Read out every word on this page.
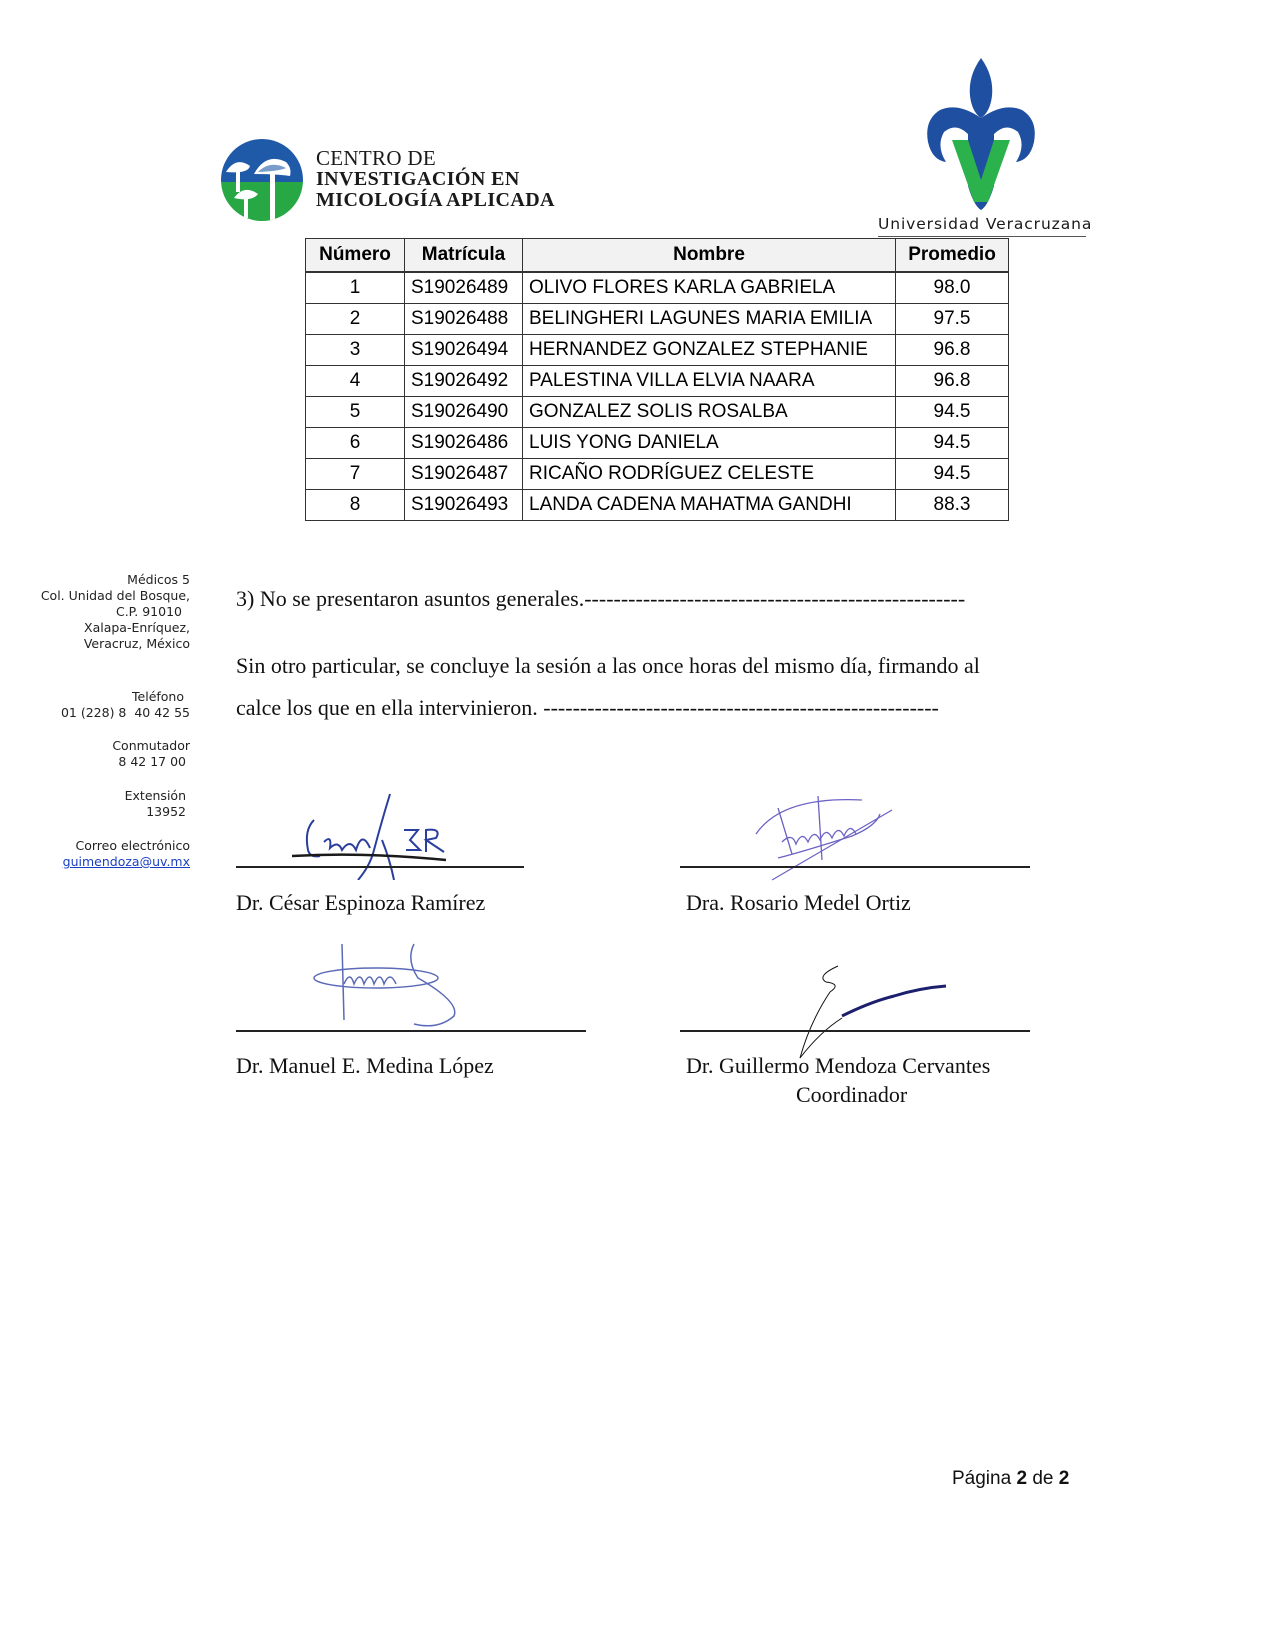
CENTRO DE
INVESTIGACIÓN EN
MICOLOGÍA APLICADA
Universidad Veracruzana
Número	Matrícula	Nombre	Promedio
1	S19026489	OLIVO FLORES KARLA GABRIELA	98.0
2	S19026488	BELINGHERI LAGUNES MARIA EMILIA	97.5
3	S19026494	HERNANDEZ GONZALEZ STEPHANIE	96.8
4	S19026492	PALESTINA VILLA ELVIA NAARA	96.8
5	S19026490	GONZALEZ SOLIS ROSALBA	94.5
6	S19026486	LUIS YONG DANIELA	94.5
7	S19026487	RICAÑO RODRÍGUEZ CELESTE	94.5
8	S19026493	LANDA CADENA MAHATMA GANDHI	88.3
Médicos 5
Col. Unidad del Bosque,
C.P. 91010
Xalapa-Enríquez,
Veracruz, México
Teléfono
01 (228) 8  40 42 55
Conmutador
8 42 17 00
Extensión
13952
Correo electrónico
guimendoza@uv.mx
3) No se presentaron asuntos generales.----------------------------------------------------
Sin otro particular, se concluye la sesión a las once horas del mismo día, firmando al
calce los que en ella intervinieron. ------------------------------------------------------
Dr. César Espinoza Ramírez	Dra. Rosario Medel Ortiz
Dr. Manuel E. Medina López	Dr. Guillermo Mendoza Cervantes
Coordinador
Página 2 de 2
